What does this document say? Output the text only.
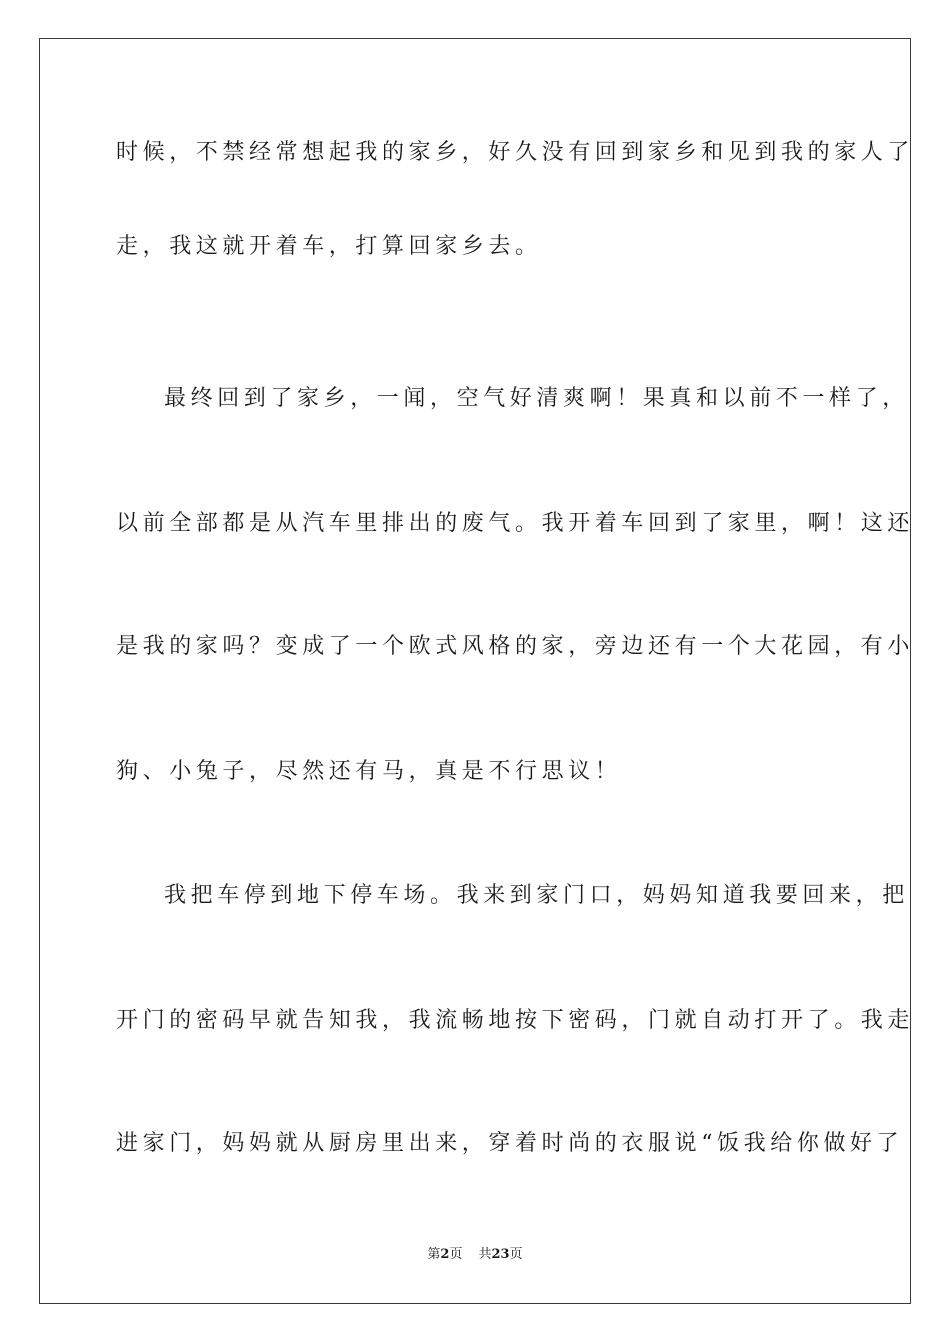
时候，不禁经常想起我的家乡，好久没有回到家乡和见到我的家人了
走，我这就开着车，打算回家乡去。
最终回到了家乡，一闻，空气好清爽啊！果真和以前不一样了，
以前全部都是从汽车里排出的废气。我开着车回到了家里，啊！这还
是我的家吗？变成了一个欧式风格的家，旁边还有一个大花园，有小
狗、小兔子，尽然还有马，真是不行思议！
我把车停到地下停车场。我来到家门口，妈妈知道我要回来，把
开门的密码早就告知我，我流畅地按下密码，门就自动打开了。我走
进家门，妈妈就从厨房里出来，穿着时尚的衣服说“饭我给你做好了
第2页 共23页
